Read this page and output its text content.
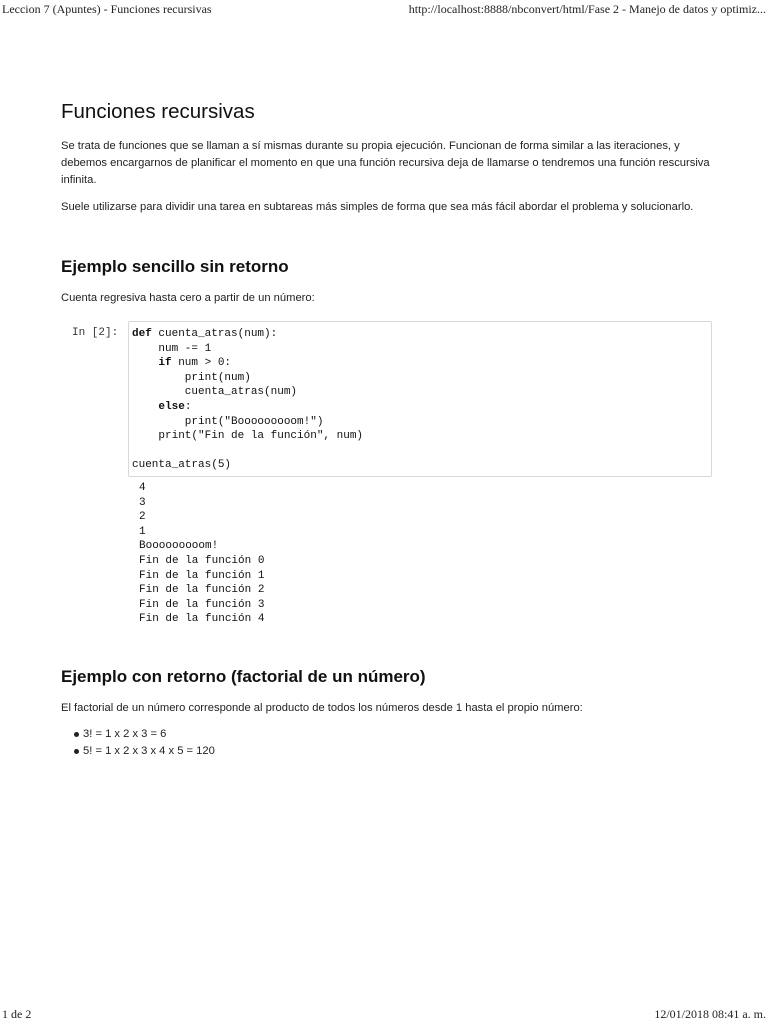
Leccion 7 (Apuntes) - Funciones recursivas	http://localhost:8888/nbconvert/html/Fase 2 - Manejo de datos y optimiz...
Funciones recursivas

Se trata de funciones que se llaman a sí mismas durante su propia ejecución. Funcionan de forma similar a las iteraciones, y debemos encargarnos de planificar el momento en que una función recursiva deja de llamarse o tendremos una función rescursiva infinita.

Suele utilizarse para dividir una tarea en subtareas más simples de forma que sea más fácil abordar el problema y solucionarlo.

Ejemplo sencillo sin retorno

Cuenta regresiva hasta cero a partir de un número:

In [2]: def cuenta_atras(num):
num -= 1
if num > 0:
print(num)
cuenta_atras(num)
else:
print("Booooooooom!")
print("Fin de la función", num)

cuenta_atras(5)
4
3
2
1
Booooooooom!
Fin de la función 0
Fin de la función 1
Fin de la función 2
Fin de la función 3
Fin de la función 4
Ejemplo con retorno (factorial de un número)

El factorial de un número corresponde al producto de todos los números desde 1 hasta el propio número:

3! = 1 x 2 x 3 = 6
5! = 1 x 2 x 3 x 4 x 5 = 120
1 de 2	12/01/2018 08:41 a. m.
